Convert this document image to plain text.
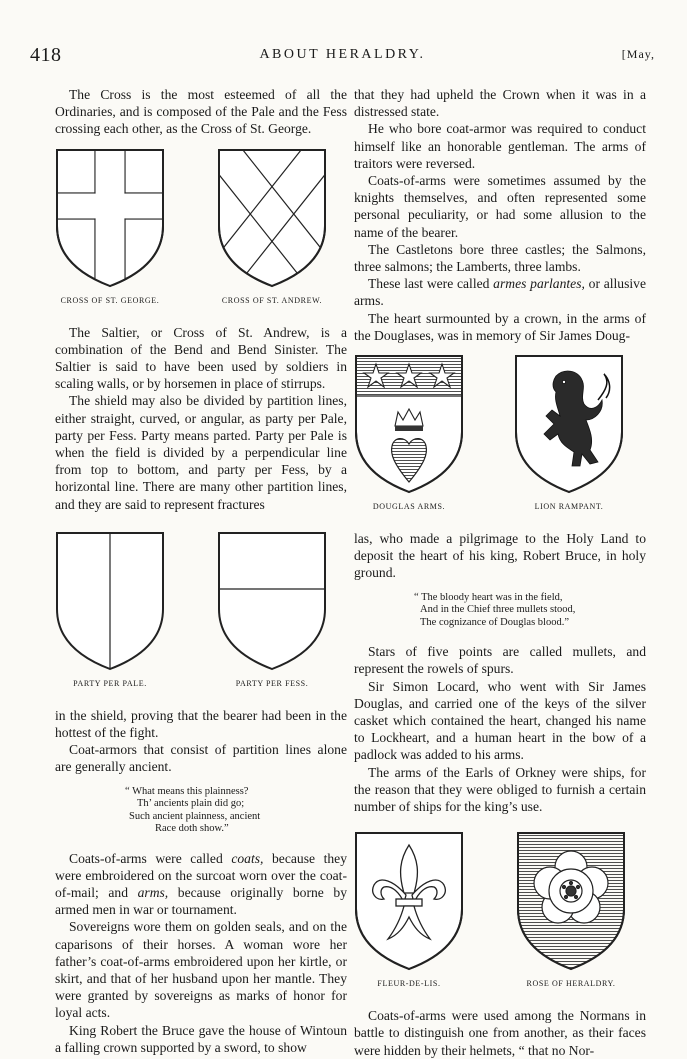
418	ABOUT HERALDRY.	[May,

The Cross is the most esteemed of all the Ordinaries, and is composed of the Pale and the Fess crossing each other, as the Cross of St. George.

CROSS OF ST. GEORGE.	CROSS OF ST. ANDREW.

The Saltier, or Cross of St. Andrew, is a combination of the Bend and Bend Sinister. The Saltier is said to have been used by soldiers in scaling walls, or by horsemen in place of stirrups.

The shield may also be divided by partition lines, either straight, curved, or angular, as party per Pale, party per Fess. Party means parted. Party per Pale is when the field is divided by a perpendicular line from top to bottom, and party per Fess, by a horizontal line. There are many other partition lines, and they are said to represent fractures

PARTY PER PALE.	PARTY PER FESS.

in the shield, proving that the bearer had been in the hottest of the fight.

Coat-armors that consist of partition lines alone are generally ancient.

“ What means this plainness?
Th’ ancients plain did go;
Such ancient plainness, ancient
Race doth show.”

Coats-of-arms were called coats, because they were embroidered on the surcoat worn over the coat-of-mail; and arms, because originally borne by armed men in war or tournament.

Sovereigns wore them on golden seals, and on the caparisons of their horses. A woman wore her father’s coat-of-arms embroidered upon her kirtle, or skirt, and that of her husband upon her mantle. They were granted by sovereigns as marks of honor for loyal acts.

King Robert the Bruce gave the house of Wintoun a falling crown supported by a sword, to show

that they had upheld the Crown when it was in a distressed state.

He who bore coat-armor was required to conduct himself like an honorable gentleman. The arms of traitors were reversed.

Coats-of-arms were sometimes assumed by the knights themselves, and often represented some personal peculiarity, or had some allusion to the name of the bearer.

The Castletons bore three castles; the Salmons, three salmons; the Lamberts, three lambs.

These last were called armes parlantes, or allusive arms.

The heart surmounted by a crown, in the arms of the Douglases, was in memory of Sir James Doug-

DOUGLAS ARMS.	LION RAMPANT.

las, who made a pilgrimage to the Holy Land to deposit the heart of his king, Robert Bruce, in holy ground.

“ The bloody heart was in the field,
And in the Chief three mullets stood,
The cognizance of Douglas blood.”

Stars of five points are called mullets, and represent the rowels of spurs.

Sir Simon Locard, who went with Sir James Douglas, and carried one of the keys of the silver casket which contained the heart, changed his name to Lockheart, and a human heart in the bow of a padlock was added to his arms.

The arms of the Earls of Orkney were ships, for the reason that they were obliged to furnish a certain number of ships for the king’s use.

FLEUR-DE-LIS.	ROSE OF HERALDRY.

Coats-of-arms were used among the Normans in battle to distinguish one from another, as their faces were hidden by their helmets, “ that no Nor-
